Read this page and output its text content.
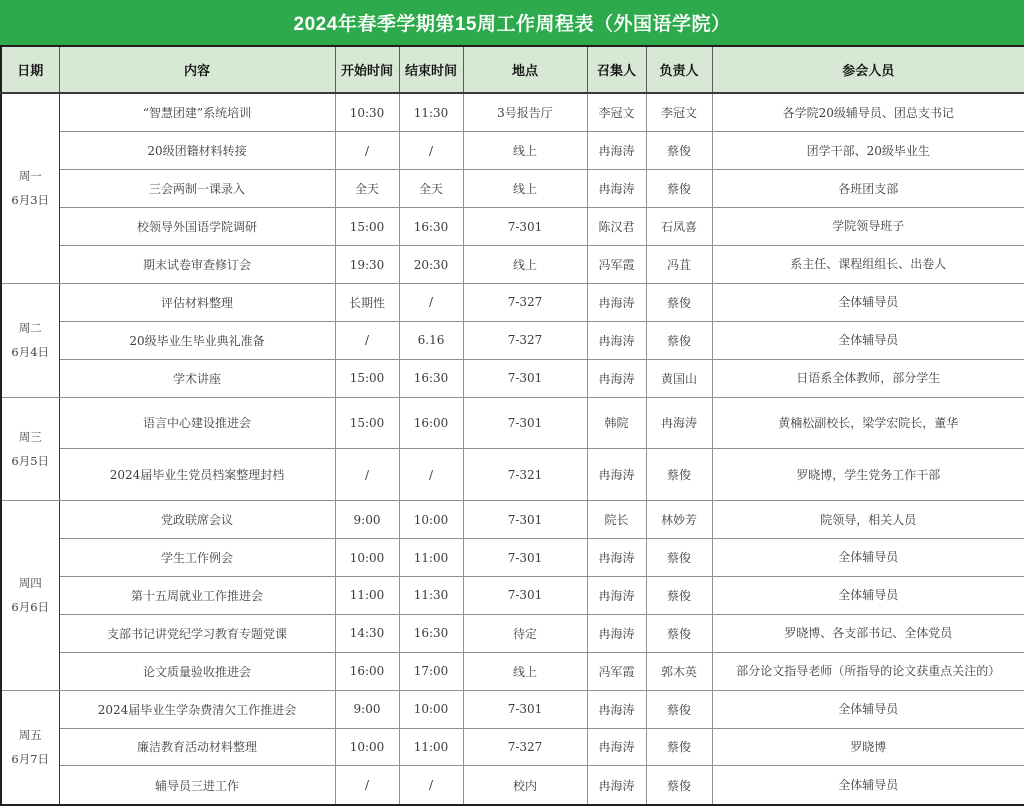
2024年春季学期第15周工作周程表（外国语学院）
日期	内容	开始时间	结束时间	地点	召集人	负责人	参会人员

周一
6月3日	“智慧团建”系统培训	10:30	11:30	3号报告厅	李冠文	李冠文	各学院20级辅导员、团总支书记
	20级团籍材料转接	/	/	线上	冉海涛	蔡俊	团学干部、20级毕业生
	三会两制一课录入	全天	全天	线上	冉海涛	蔡俊	各班团支部
	校领导外国语学院调研	15:00	16:30	7-301	陈汉君	石凤喜	学院领导班子
	期末试卷审查修订会	19:30	20:30	线上	冯军霞	冯苴	系主任、课程组组长、出卷人

周二
6月4日	评估材料整理	长期性	/	7-327	冉海涛	蔡俊	全体辅导员
	20级毕业生毕业典礼准备	/	6.16	7-327	冉海涛	蔡俊	全体辅导员
	学术讲座	15:00	16:30	7-301	冉海涛	黄国山	日语系全体教师，部分学生

周三
6月5日	语言中心建设推进会	15:00	16:00	7-301	韩院	冉海涛	黄楠松副校长，梁学宏院长，董华
	2024届毕业生党员档案整理封档	/	/	7-321	冉海涛	蔡俊	罗晓博，学生党务工作干部

周四
6月6日	党政联席会议	9:00	10:00	7-301	院长	林妙芳	院领导，相关人员
	学生工作例会	10:00	11:00	7-301	冉海涛	蔡俊	全体辅导员
	第十五周就业工作推进会	11:00	11:30	7-301	冉海涛	蔡俊	全体辅导员
	支部书记讲党纪学习教育专题党课	14:30	16:30	待定	冉海涛	蔡俊	罗晓博、各支部书记、全体党员
	论文质量验收推进会	16:00	17:00	线上	冯军霞	郭木英	部分论文指导老师（所指导的论文获重点关注的）

周五
6月7日	2024届毕业生学杂费清欠工作推进会	9:00	10:00	7-301	冉海涛	蔡俊	全体辅导员
	廉洁教育活动材料整理	10:00	11:00	7-327	冉海涛	蔡俊	罗晓博
	辅导员三进工作	/	/	校内	冉海涛	蔡俊	全体辅导员
